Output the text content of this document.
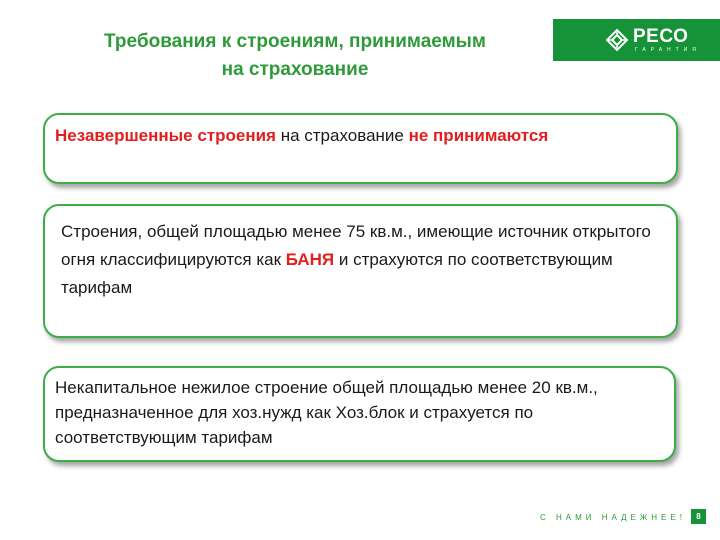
Требования к строениям, принимаемым
на страхование
РЕСО
ГАРАНТИЯ
Незавершенные строения на страхование не принимаются
Строения, общей площадью менее 75 кв.м., имеющие источник открытого огня классифицируются как БАНЯ и страхуются по соответствующим тарифам
Некапитальное нежилое строение общей площадью менее 20 кв.м., предназначенное для хоз.нужд как Хоз.блок и страхуется по соответствующим тарифам
С НАМИ НАДЕЖНЕЕ!	8
